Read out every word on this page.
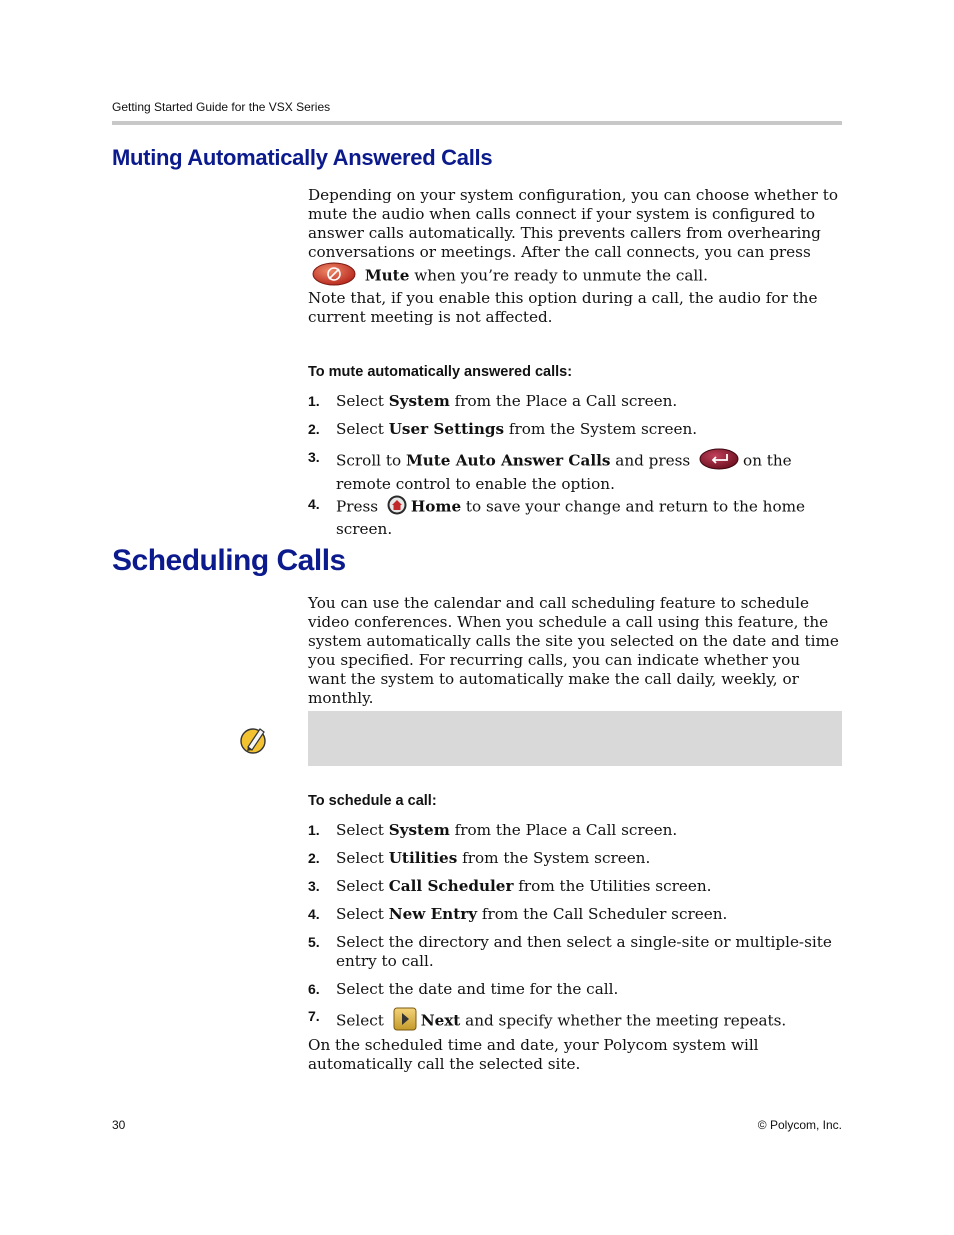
Getting Started Guide for the VSX Series
Muting Automatically Answered Calls
Depending on your system configuration, you can choose whether to mute the audio when calls connect if your system is configured to answer calls automatically. This prevents callers from overhearing conversations or meetings. After the call connects, you can press  Mute when you’re ready to unmute the call.
Note that, if you enable this option during a call, the audio for the current meeting is not affected.
To mute automatically answered calls:
1.	Select System from the Place a Call screen.
2.	Select User Settings from the System screen.
3.	Scroll to Mute Auto Answer Calls and press	on the remote control to enable the option.
4.	Press Home to save your change and return to the home screen.
Scheduling Calls
You can use the calendar and call scheduling feature to schedule video conferences. When you schedule a call using this feature, the system automatically calls the site you selected on the date and time you specified. For recurring calls, you can indicate whether you want the system to automatically make the call daily, weekly, or monthly.
To schedule a call:
1.	Select System from the Place a Call screen.
2.	Select Utilities from the System screen.
3.	Select Call Scheduler from the Utilities screen.
4.	Select New Entry from the Call Scheduler screen.
5.	Select the directory and then select a single-site or multiple-site entry to call.
6.	Select the date and time for the call.
7.	Select Next and specify whether the meeting repeats.
On the scheduled time and date, your Polycom system will automatically call the selected site.
30	© Polycom, Inc.
